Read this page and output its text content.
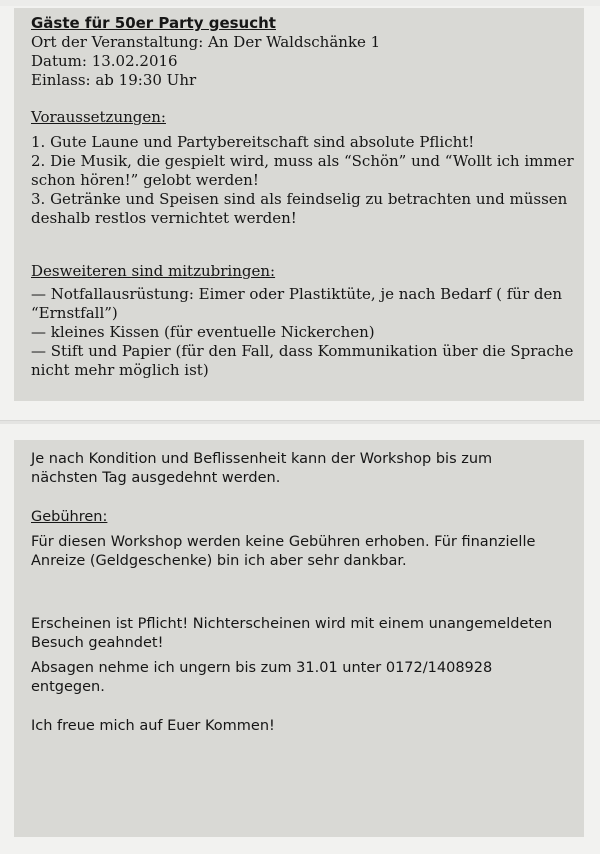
Gäste für 50er Party gesucht
Ort der Veranstaltung: An Der Waldschänke 1
Datum: 13.02.2016
Einlass: ab 19:30 Uhr
Voraussetzungen:
1. Gute Laune und Partybereitschaft sind absolute Pflicht!
2. Die Musik, die gespielt wird, muss als “Schön” und “Wollt ich immer
schon hören!” gelobt werden!
3. Getränke und Speisen sind als feindselig zu betrachten und müssen
deshalb restlos vernichtet werden!
Desweiteren sind mitzubringen:
— Notfallausrüstung: Eimer oder Plastiktüte, je nach Bedarf ( für den
“Ernstfall”)
— kleines Kissen (für eventuelle Nickerchen)
— Stift und Papier (für den Fall, dass Kommunikation über die Sprache
nicht mehr möglich ist)
Je nach Kondition und Beflissenheit kann der Workshop bis zum
nächsten Tag ausgedehnt werden.
Gebühren:
Für diesen Workshop werden keine Gebühren erhoben. Für finanzielle
Anreize (Geldgeschenke) bin ich aber sehr dankbar.
Erscheinen ist Pflicht! Nichterscheinen wird mit einem unangemeldeten
Besuch geahndet!
Absagen nehme ich ungern bis zum 31.01 unter 0172/1408928
entgegen.
Ich freue mich auf Euer Kommen!
